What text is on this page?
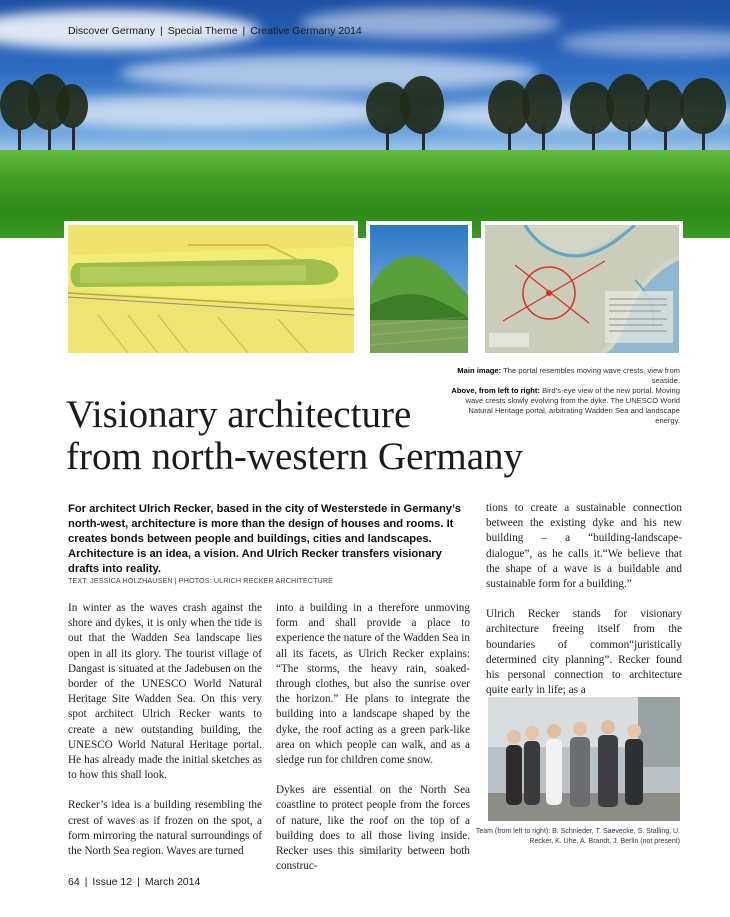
Discover Germany | Special Theme | Creative Germany 2014
Main image: The portal resembles moving wave crests, view from seaside.
Above, from left to right: Bird’s-eye view of the new portal. Moving wave crests slowly evolving from the dyke. The UNESCO World Natural Heritage portal, arbitrating Wadden Sea and landscape energy.
Visionary architecture
from north-western Germany
For architect Ulrich Recker, based in the city of Westerstede in Germany’s north-west, architecture is more than the design of houses and rooms. It creates bonds between people and buildings, cities and landscapes. Architecture is an idea, a vision. And Ulrich Recker transfers visionary drafts into reality.
TEXT: JESSICA HOLZHAUSEN | PHOTOS: ULRICH RECKER ARCHITECTURE

In winter as the waves crash against the shore and dykes, it is only when the tide is out that the Wadden Sea landscape lies open in all its glory. The tourist village of Dangast is situated at the Jadebusen on the border of the UNESCO World Natural Heritage Site Wadden Sea. On this very spot architect Ulrich Recker wants to create a new outstanding building, the UNESCO World Natural Heritage portal. He has already made the initial sketches as to how this shall look.

Recker’s idea is a building resembling the crest of waves as if frozen on the spot, a form mirroring the natural surroundings of the North Sea region. Waves are turned

into a building in a therefore unmoving form and shall provide a place to experience the nature of the Wadden Sea in all its facets, as Ulrich Recker explains: “The storms, the heavy rain, soaked-through clothes, but also the sunrise over the horizon.” He plans to integrate the building into a landscape shaped by the dyke, the roof acting as a green park-like area on which people can walk, and as a sledge run for children come snow.

Dykes are essential on the North Sea coastline to protect people from the forces of nature, like the roof on the top of a building does to all those living inside. Recker uses this similarity between both construc-

tions to create a sustainable connection between the existing dyke and his new building – a “building-landscape-dialogue”, as he calls it.“We believe that the shape of a wave is a buildable and sustainable form for a building.”

Ulrich Recker stands for visionary architecture freeing itself from the boundaries of common“juristically determined city planning”. Recker found his personal connection to architecture quite early in life; as a

Team (from left to right): B. Schnieder, T. Saevecke, S. Stalling, U. Recker, K. Uhe, A. Brandt, J. Berlin (not present)
64 | Issue 12 | March 2014
